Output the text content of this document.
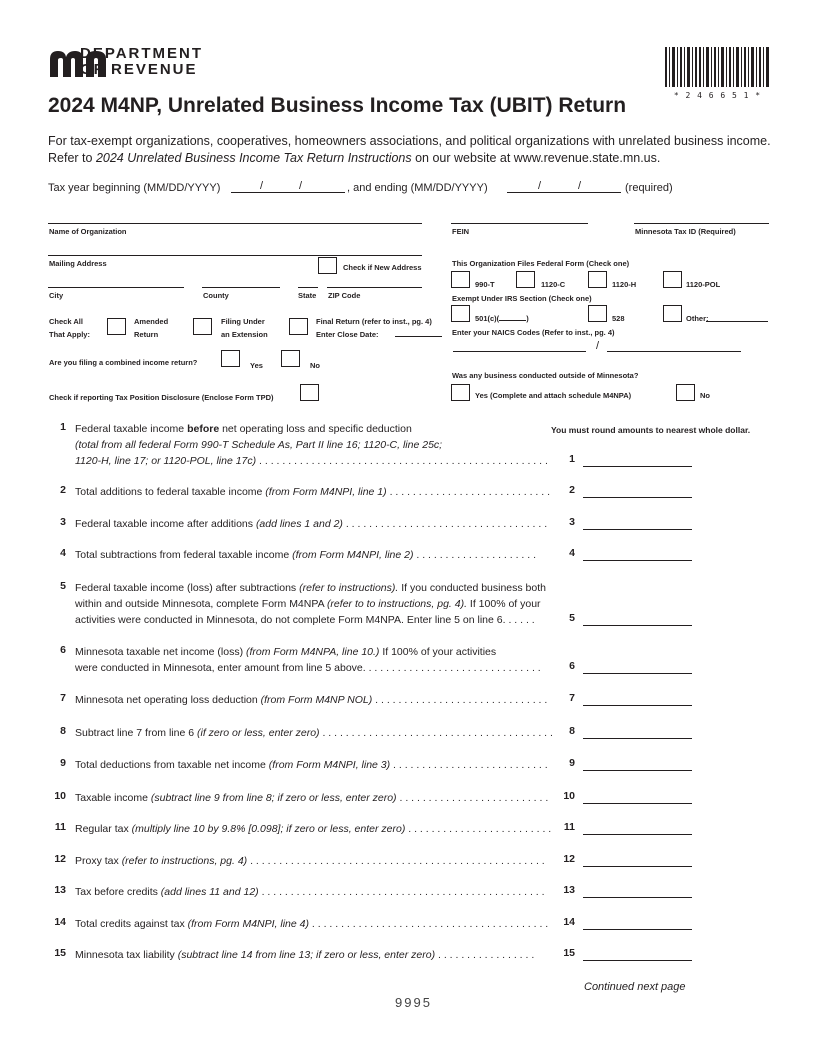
DEPARTMENT
OF REVENUE
* 2 4 6 6 5 1 *
2024 M4NP, Unrelated Business Income Tax (UBIT) Return
For tax-exempt organizations, cooperatives, homeowners associations, and political organizations with unrelated business income. Refer to 2024 Unrelated Business Income Tax Return Instructions on our website at www.revenue.state.mn.us.
Tax year beginning (MM/DD/YYYY)	/	/	, and ending (MM/DD/YYYY)	/	/	(required)
Name of Organization
Mailing Address	Check if New Address
City	County	State ZIP Code
Check All
That Apply:
Amended
Return
Filing Under
an Extension
Final Return (refer to inst., pg. 4)
Enter Close Date:
Are you filing a combined income return?	Yes	No
Check if reporting Tax Position Disclosure (Enclose Form TPD)
FEIN	Minnesota Tax ID (Required)
This Organization Files Federal Form (Check one)
990-T	1120-C	1120-H	1120-POL
Exempt Under IRS Section (Check one)
501(c)(	)	528	Other:
Enter your NAICS Codes (Refer to inst., pg. 4)
/
Was any business conducted outside of Minnesota?
Yes (Complete and attach schedule M4NPA)	No
You must round amounts to nearest whole dollar.
1 Federal taxable income before net operating loss and specific deduction
(total from all federal Form 990-T Schedule As, Part II line 16; 1120-C, line 25c;
1120-H, line 17; or 1120-POL, line 17c) . . . . . . . . . . . . . . . . . . . . . . . . . . . . . . . . . . . . . . . . . . . . . . . . . .	1
2 Total additions to federal taxable income (from Form M4NPI, line 1) . . . . . . . . . . . . . . . . . . . . . . . . . . . .	2
3 Federal taxable income after additions (add lines 1 and 2) . . . . . . . . . . . . . . . . . . . . . . . . . . . . . . . . . . .	3
4 Total subtractions from federal taxable income (from Form M4NPI, line 2) . . . . . . . . . . . . . . . . . . . . .	4
5 Federal taxable income (loss) after subtractions (refer to instructions). If you conducted business both
within and outside Minnesota, complete Form M4NPA (refer to to instructions, pg. 4). If 100% of your
activities were conducted in Minnesota, do not complete Form M4NPA. Enter line 5 on line 6. . . . . .	5
6 Minnesota taxable net income (loss) (from Form M4NPA, line 10.) If 100% of your activities
were conducted in Minnesota, enter amount from line 5 above. . . . . . . . . . . . . . . . . . . . . . . . . . . . . . .	6
7 Minnesota net operating loss deduction (from Form M4NP NOL) . . . . . . . . . . . . . . . . . . . . . . . . . . . . . .	7
8 Subtract line 7 from line 6 (if zero or less, enter zero) . . . . . . . . . . . . . . . . . . . . . . . . . . . . . . . . . . . . . . . .	8
9 Total deductions from taxable net income (from Form M4NPI, line 3) . . . . . . . . . . . . . . . . . . . . . . . . . . .	9
10 Taxable income (subtract line 9 from line 8; if zero or less, enter zero) . . . . . . . . . . . . . . . . . . . . . . . . . .	10
11 Regular tax (multiply line 10 by 9.8% [0.098]; if zero or less, enter zero) . . . . . . . . . . . . . . . . . . . . . . . . .	11
12 Proxy tax (refer to instructions, pg. 4) . . . . . . . . . . . . . . . . . . . . . . . . . . . . . . . . . . . . . . . . . . . . . . . . . . .	12
13 Tax before credits (add lines 11 and 12) . . . . . . . . . . . . . . . . . . . . . . . . . . . . . . . . . . . . . . . . . . . . . . . . .	13
14 Total credits against tax (from Form M4NPI, line 4) . . . . . . . . . . . . . . . . . . . . . . . . . . . . . . . . . . . . . . . . .	14
15 Minnesota tax liability (subtract line 14 from line 13; if zero or less, enter zero) . . . . . . . . . . . . . . . . .	15
Continued next page
9995
